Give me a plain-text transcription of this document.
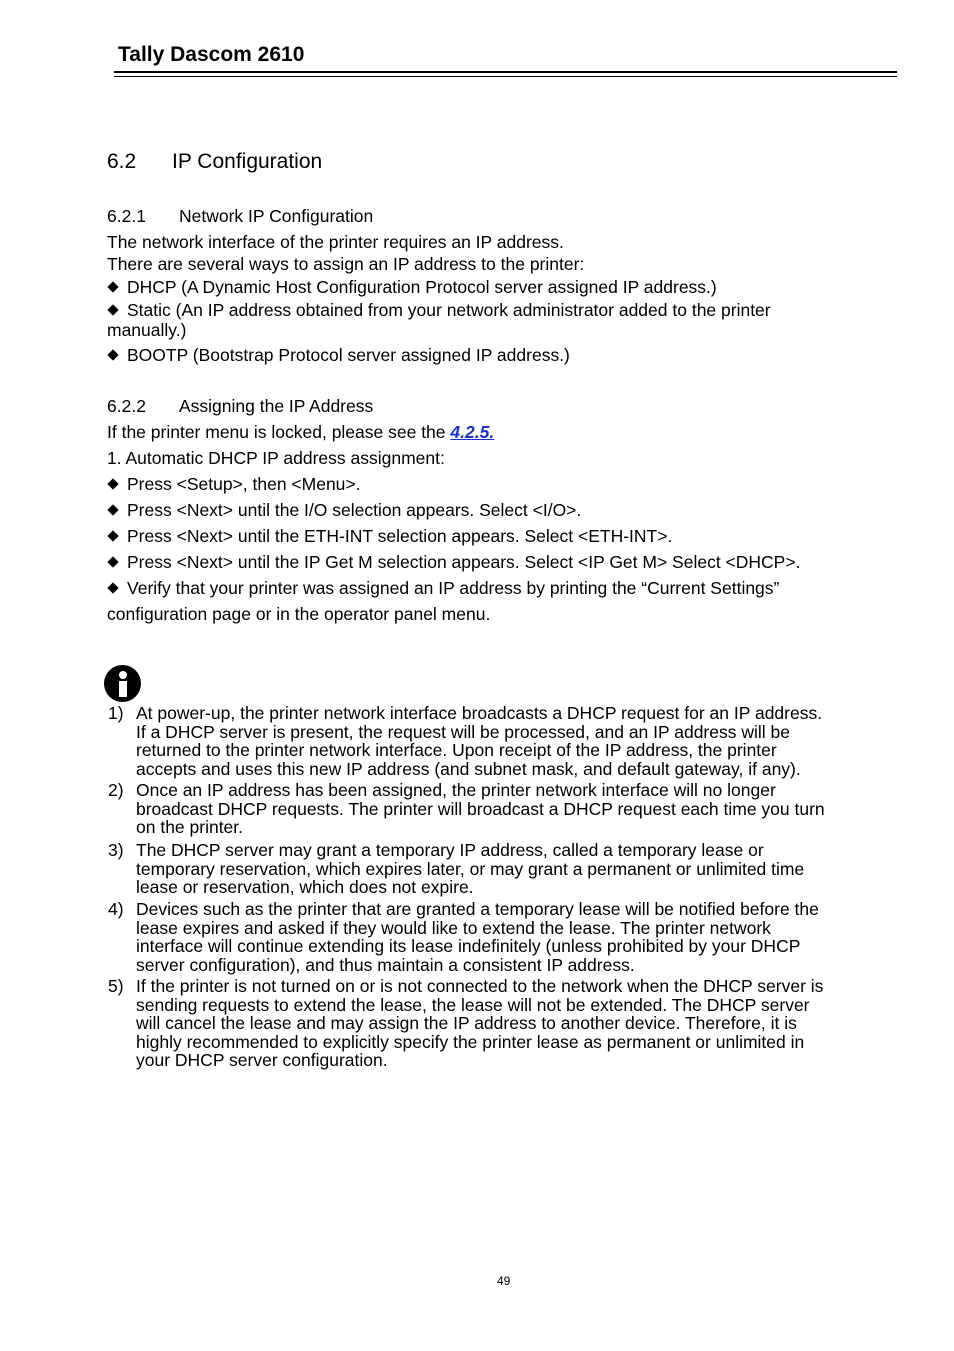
Tally Dascom 2610
6.2 IP Configuration
6.2.1 Network IP Configuration
The network interface of the printer requires an IP address.
There are several ways to assign an IP address to the printer:
DHCP (A Dynamic Host Configuration Protocol server assigned IP address.)
Static (An IP address obtained from your network administrator added to the printer
manually.)
BOOTP (Bootstrap Protocol server assigned IP address.)
6.2.2 Assigning the IP Address
If the printer menu is locked, please see the 4.2.5.
1. Automatic DHCP IP address assignment:
Press <Setup>, then <Menu>.
Press <Next> until the I/O selection appears. Select <I/O>.
Press <Next> until the ETH-INT selection appears. Select <ETH-INT>.
Press <Next> until the IP Get M selection appears. Select <IP Get M> Select <DHCP>.
Verify that your printer was assigned an IP address by printing the “Current Settings”
configuration page or in the operator panel menu.
1) At power-up, the printer network interface broadcasts a DHCP request for an IP address.
If a DHCP server is present, the request will be processed, and an IP address will be
returned to the printer network interface. Upon receipt of the IP address, the printer
accepts and uses this new IP address (and subnet mask, and default gateway, if any).
2) Once an IP address has been assigned, the printer network interface will no longer
broadcast DHCP requests. The printer will broadcast a DHCP request each time you turn
on the printer.
3) The DHCP server may grant a temporary IP address, called a temporary lease or
temporary reservation, which expires later, or may grant a permanent or unlimited time
lease or reservation, which does not expire.
4) Devices such as the printer that are granted a temporary lease will be notified before the
lease expires and asked if they would like to extend the lease. The printer network
interface will continue extending its lease indefinitely (unless prohibited by your DHCP
server configuration), and thus maintain a consistent IP address.
5) If the printer is not turned on or is not connected to the network when the DHCP server is
sending requests to extend the lease, the lease will not be extended. The DHCP server
will cancel the lease and may assign the IP address to another device. Therefore, it is
highly recommended to explicitly specify the printer lease as permanent or unlimited in
your DHCP server configuration.
49
